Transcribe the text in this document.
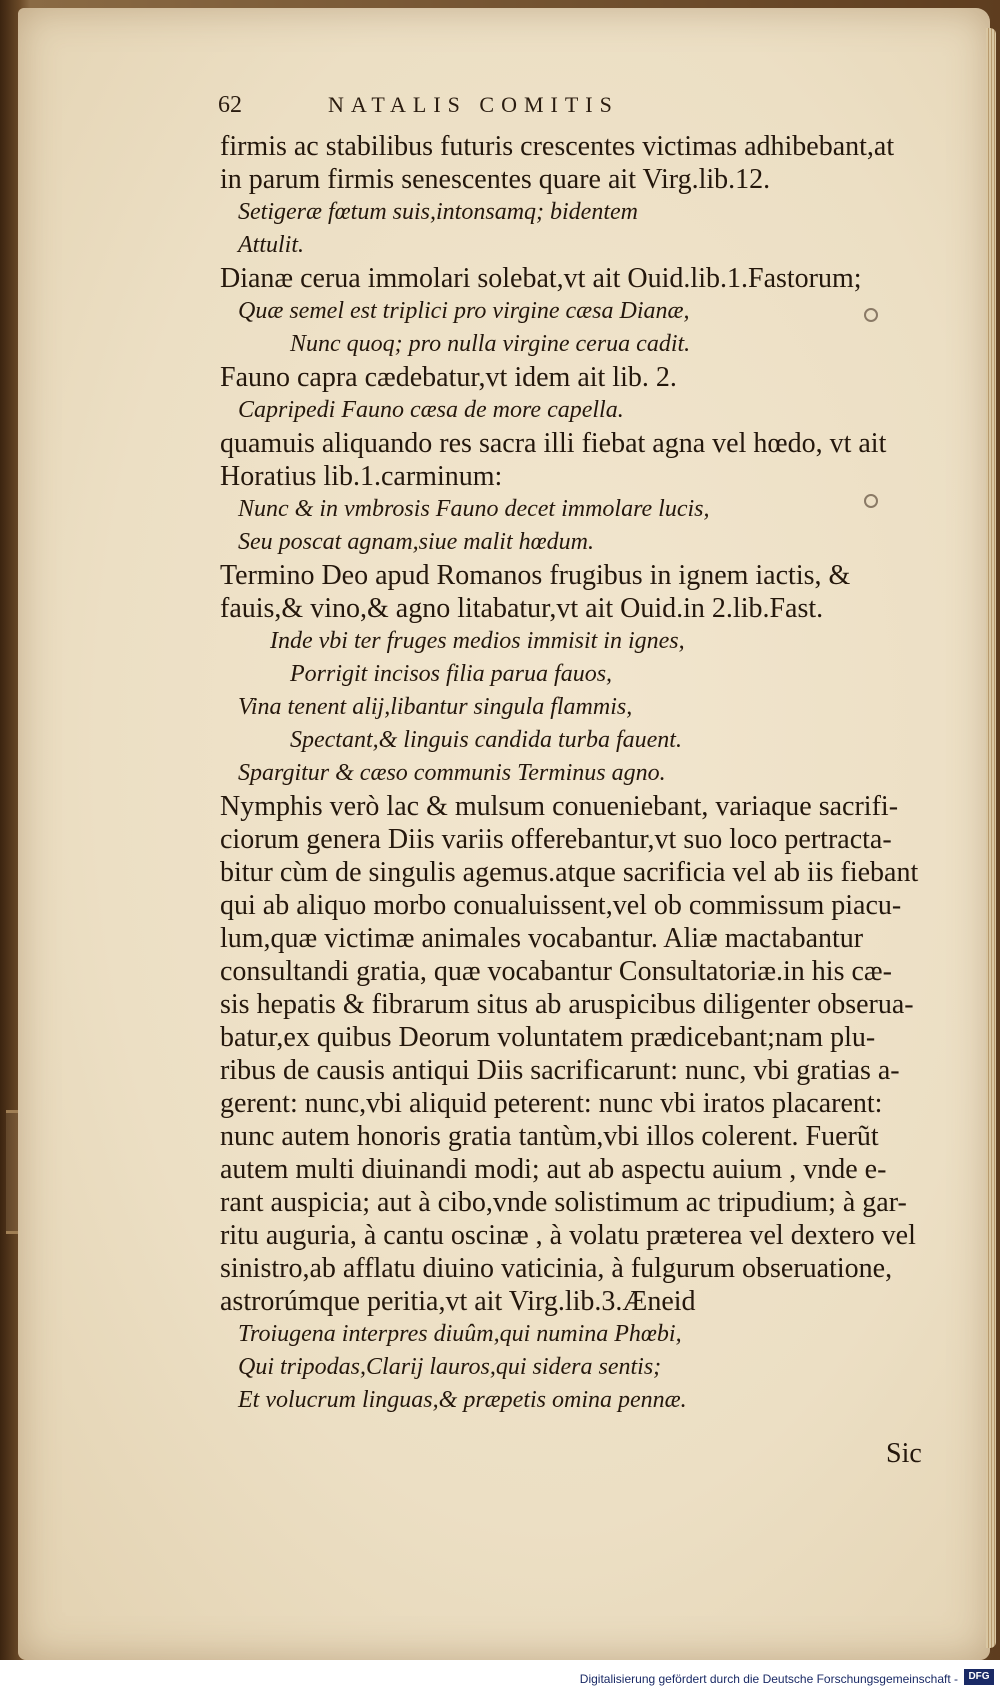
62	NATALIS COMITIS
firmis ac stabilibus futuris crescentes victimas adhibebant,at
in parum firmis senescentes quare ait Virg.lib.12.
Setigeræ fœtum suis,intonsamq; bidentem
Attulit.
Dianæ cerua immolari solebat,vt ait Ouid.lib.1.Fastorum;
Quæ semel est triplici pro virgine cæsa Dianæ,
Nunc quoq; pro nulla virgine cerua cadit.
Fauno capra cædebatur,vt idem ait lib. 2.
Capripedi Fauno cæsa de more capella.
quamuis aliquando res sacra illi fiebat agna vel hœdo, vt ait
Horatius lib.1.carminum:
Nunc & in vmbrosis Fauno decet immolare lucis,
Seu poscat agnam,siue malit hœdum.
Termino Deo apud Romanos frugibus in ignem iactis, &
fauis,& vino,& agno litabatur,vt ait Ouid.in 2.lib.Fast.
Inde vbi ter fruges medios immisit in ignes,
Porrigit incisos filia parua fauos,
Vina tenent alij,libantur singula flammis,
Spectant,& linguis candida turba fauent.
Spargitur & cæso communis Terminus agno.
Nymphis verò lac & mulsum conueniebant, variaque sacrifi-
ciorum genera Diis variis offerebantur,vt suo loco pertracta-
bitur cùm de singulis agemus.atque sacrificia vel ab iis fiebant
qui ab aliquo morbo conualuissent,vel ob commissum piacu-
lum,quæ victimæ animales vocabantur. Aliæ mactabantur
consultandi gratia, quæ vocabantur Consultatoriæ.in his cæ-
sis hepatis & fibrarum situs ab aruspicibus diligenter obserua-
batur,ex quibus Deorum voluntatem prædicebant;nam plu-
ribus de causis antiqui Diis sacrificarunt: nunc, vbi gratias a-
gerent: nunc,vbi aliquid peterent: nunc vbi iratos placarent:
nunc autem honoris gratia tantùm,vbi illos colerent. Fuerũt
autem multi diuinandi modi; aut ab aspectu auium , vnde e-
rant auspicia; aut à cibo,vnde solistimum ac tripudium; à gar-
ritu auguria, à cantu oscinæ , à volatu præterea vel dextero vel
sinistro,ab afflatu diuino vaticinia, à fulgurum obseruatione,
astrorúmque peritia,vt ait Virg.lib.3.Æneid
Troiugena interpres diuûm,qui numina Phœbi,
Qui tripodas,Clarij lauros,qui sidera sentis;
Et volucrum linguas,& præpetis omina pennæ.
Sic
Digitalisierung gefördert durch die Deutsche Forschungsgemeinschaft -	DFG
